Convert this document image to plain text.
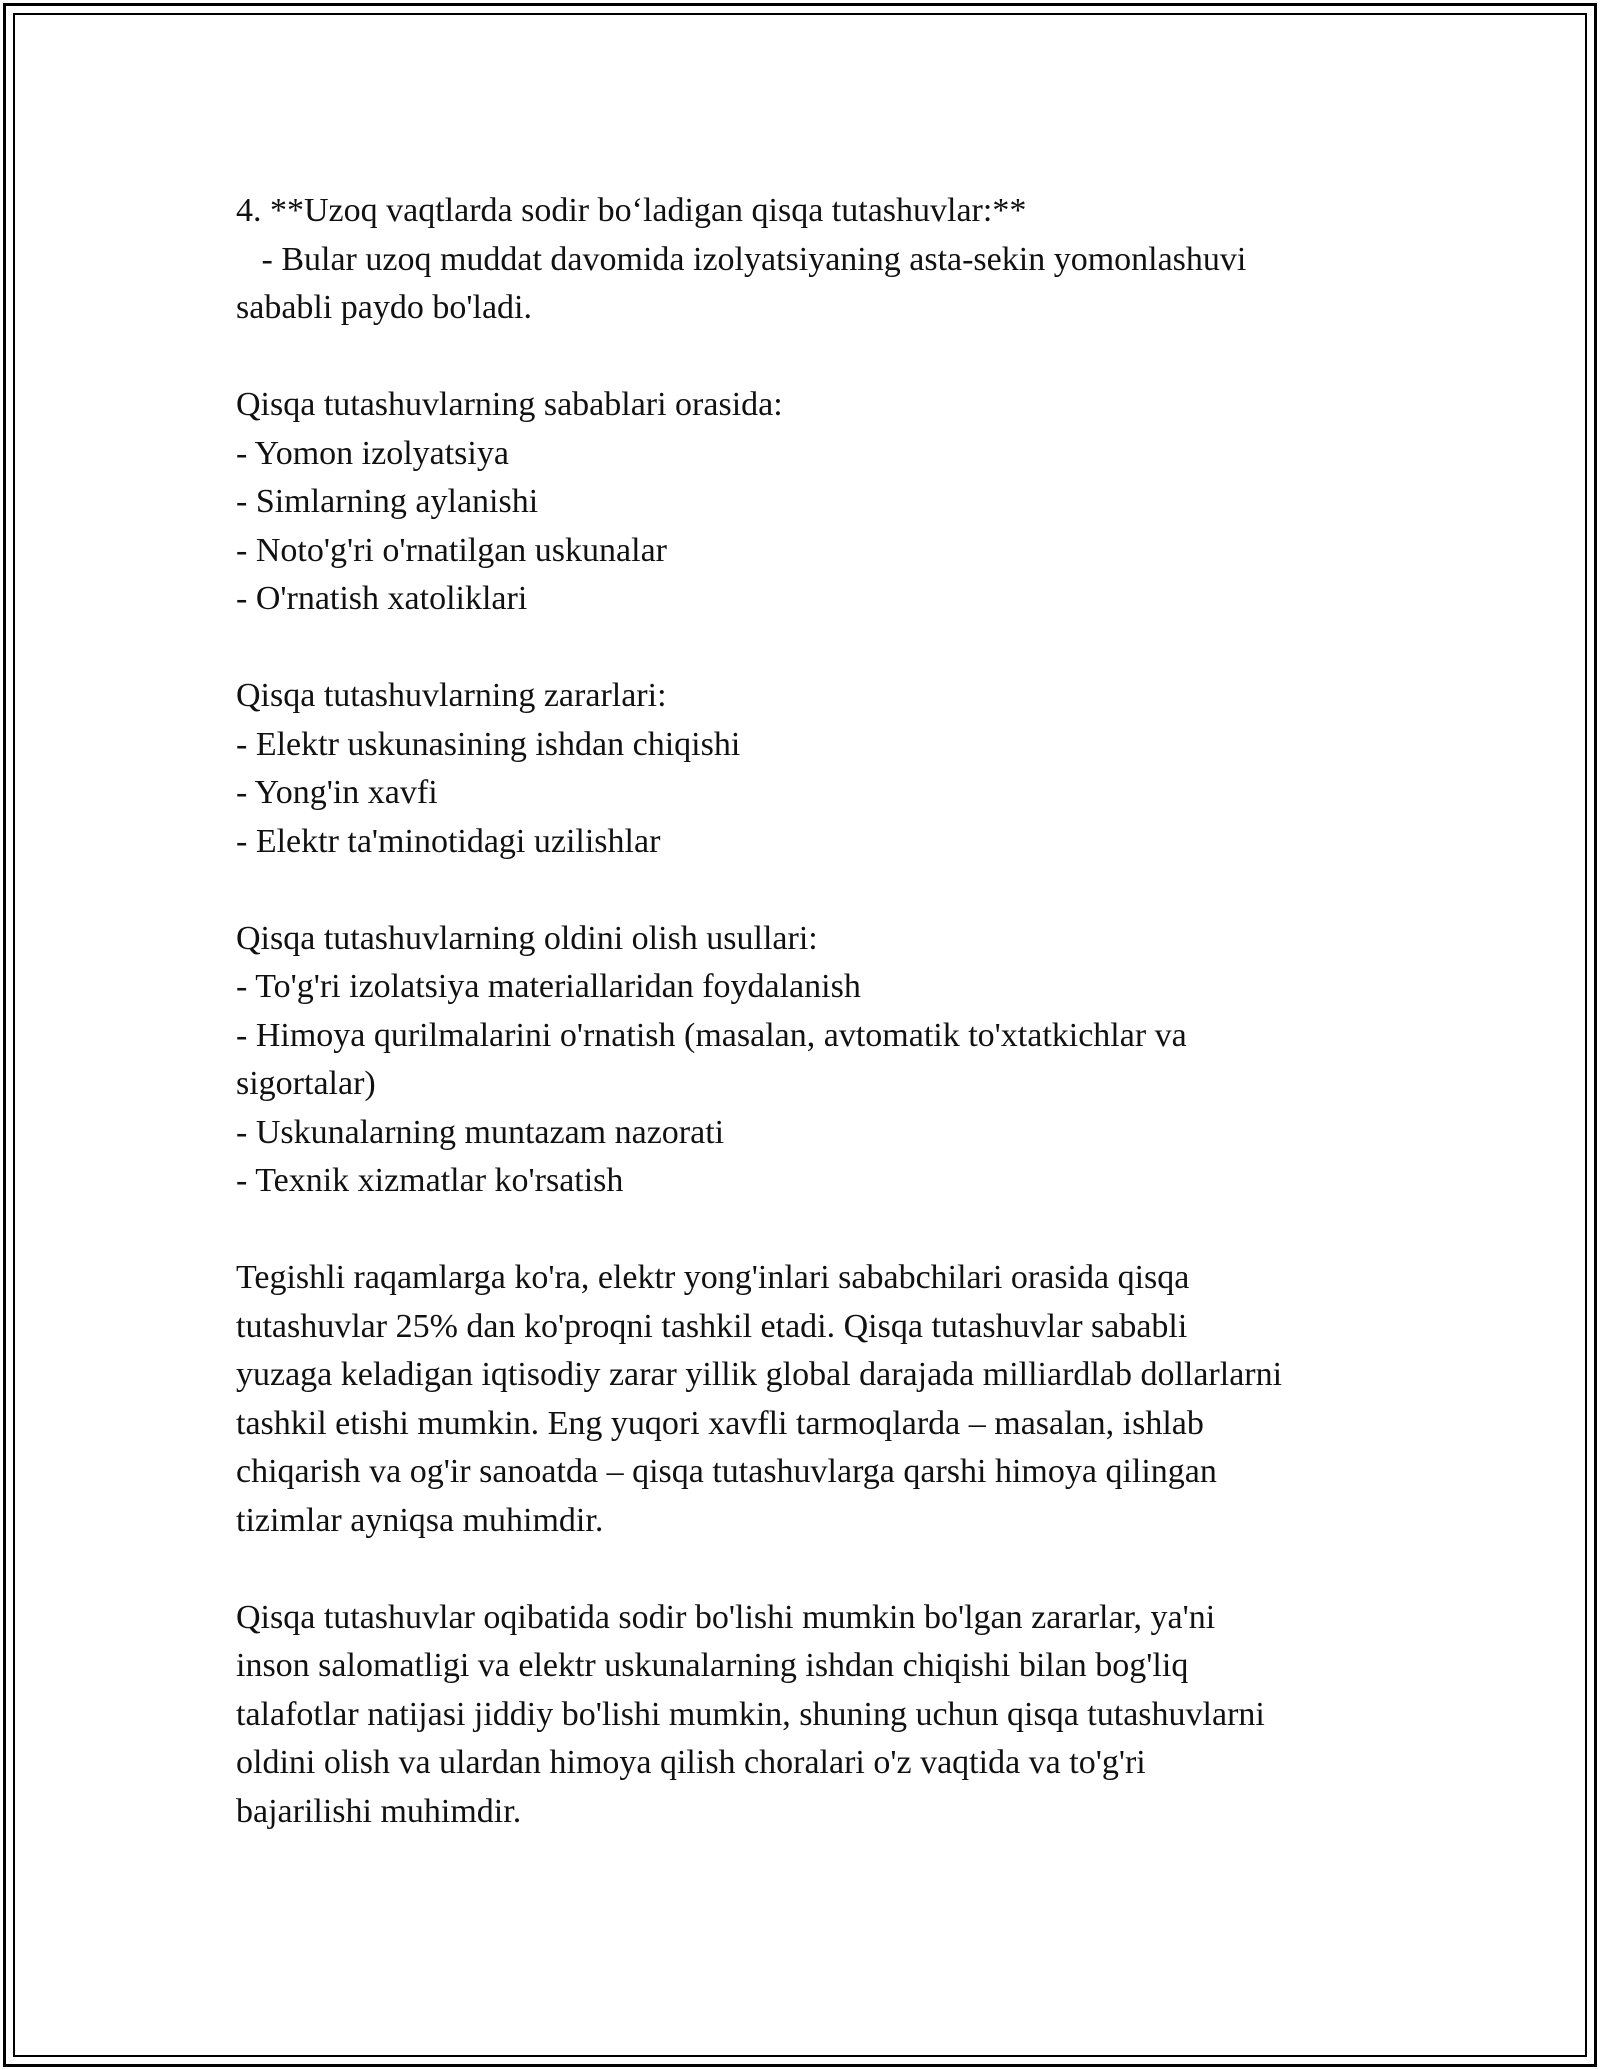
4. **Uzoq vaqtlarda sodir bo‘ladigan qisqa tutashuvlar:**
- Bular uzoq muddat davomida izolyatsiyaning asta-sekin yomonlashuvi
sababli paydo bo'ladi.
Qisqa tutashuvlarning sabablari orasida:
- Yomon izolyatsiya
- Simlarning aylanishi
- Noto'g'ri o'rnatilgan uskunalar
- O'rnatish xatoliklari
Qisqa tutashuvlarning zararlari:
- Elektr uskunasining ishdan chiqishi
- Yong'in xavfi
- Elektr ta'minotidagi uzilishlar
Qisqa tutashuvlarning oldini olish usullari:
- To'g'ri izolatsiya materiallaridan foydalanish
- Himoya qurilmalarini o'rnatish (masalan, avtomatik to'xtatkichlar va
sigortalar)
- Uskunalarning muntazam nazorati
- Texnik xizmatlar ko'rsatish
Tegishli raqamlarga ko'ra, elektr yong'inlari sababchilari orasida qisqa
tutashuvlar 25% dan ko'proqni tashkil etadi. Qisqa tutashuvlar sababli
yuzaga keladigan iqtisodiy zarar yillik global darajada milliardlab dollarlarni
tashkil etishi mumkin. Eng yuqori xavfli tarmoqlarda – masalan, ishlab
chiqarish va og'ir sanoatda – qisqa tutashuvlarga qarshi himoya qilingan
tizimlar ayniqsa muhimdir.
Qisqa tutashuvlar oqibatida sodir bo'lishi mumkin bo'lgan zararlar, ya'ni
inson salomatligi va elektr uskunalarning ishdan chiqishi bilan bog'liq
talafotlar natijasi jiddiy bo'lishi mumkin, shuning uchun qisqa tutashuvlarni
oldini olish va ulardan himoya qilish choralari o'z vaqtida va to'g'ri
bajarilishi muhimdir.
